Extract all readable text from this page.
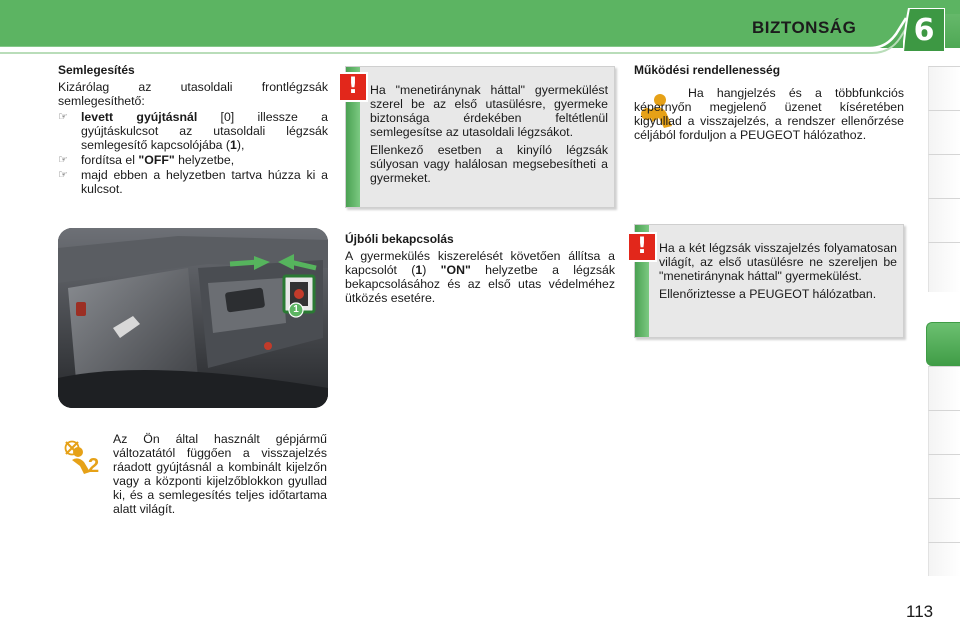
BIZTONSÁG	6
Semlegesítés
Kizárólag az utasoldali frontlégzsák semlegesíthető:
☞ levett gyújtásnál [0] illessze a gyújtáskulcsot az utasoldali légzsák semlegesítő kapcsolójába (1),
☞ fordítsa el "OFF" helyzetbe,
☞ majd ebben a helyzetben tartva húzza ki a kulcsot.
1
2
Az Ön által használt gépjármű változatától függően a visszajelzés ráadott gyújtásnál a kombinált kijelzőn vagy a központi kijelzőblokkon gyullad ki, és a semlegesítés teljes időtartama alatt világít.

Ha "menetiránynak háttal" gyermekülést szerel be az első utasülésre, gyermeke biztonsága érdekében feltétlenül semlegesítse az utasoldali légzsákot.

Ellenkező esetben a kinyíló légzsák súlyosan vagy halálosan megsebesítheti a gyermeket.

!
Újbóli bekapcsolás
A gyermekülés kiszerelését követően állítsa a kapcsolót (1) "ON" helyzetbe a légzsák bekapcsolásához és az első utas védelméhez ütközés esetére.
Működési rendellenesség
Ha hangjelzés és a többfunkciós képernyőn megjelenő üzenet kíséretében kigyullad a visszajelzés, a rendszer ellenőrzése céljából forduljon a PEUGEOT hálózathoz.

Ha a két légzsák visszajelzés folyamatosan világít, az első utasülésre ne szereljen be "menetiránynak háttal" gyermekülést.

Ellenőriztesse a PEUGEOT hálózatban.

!
113
